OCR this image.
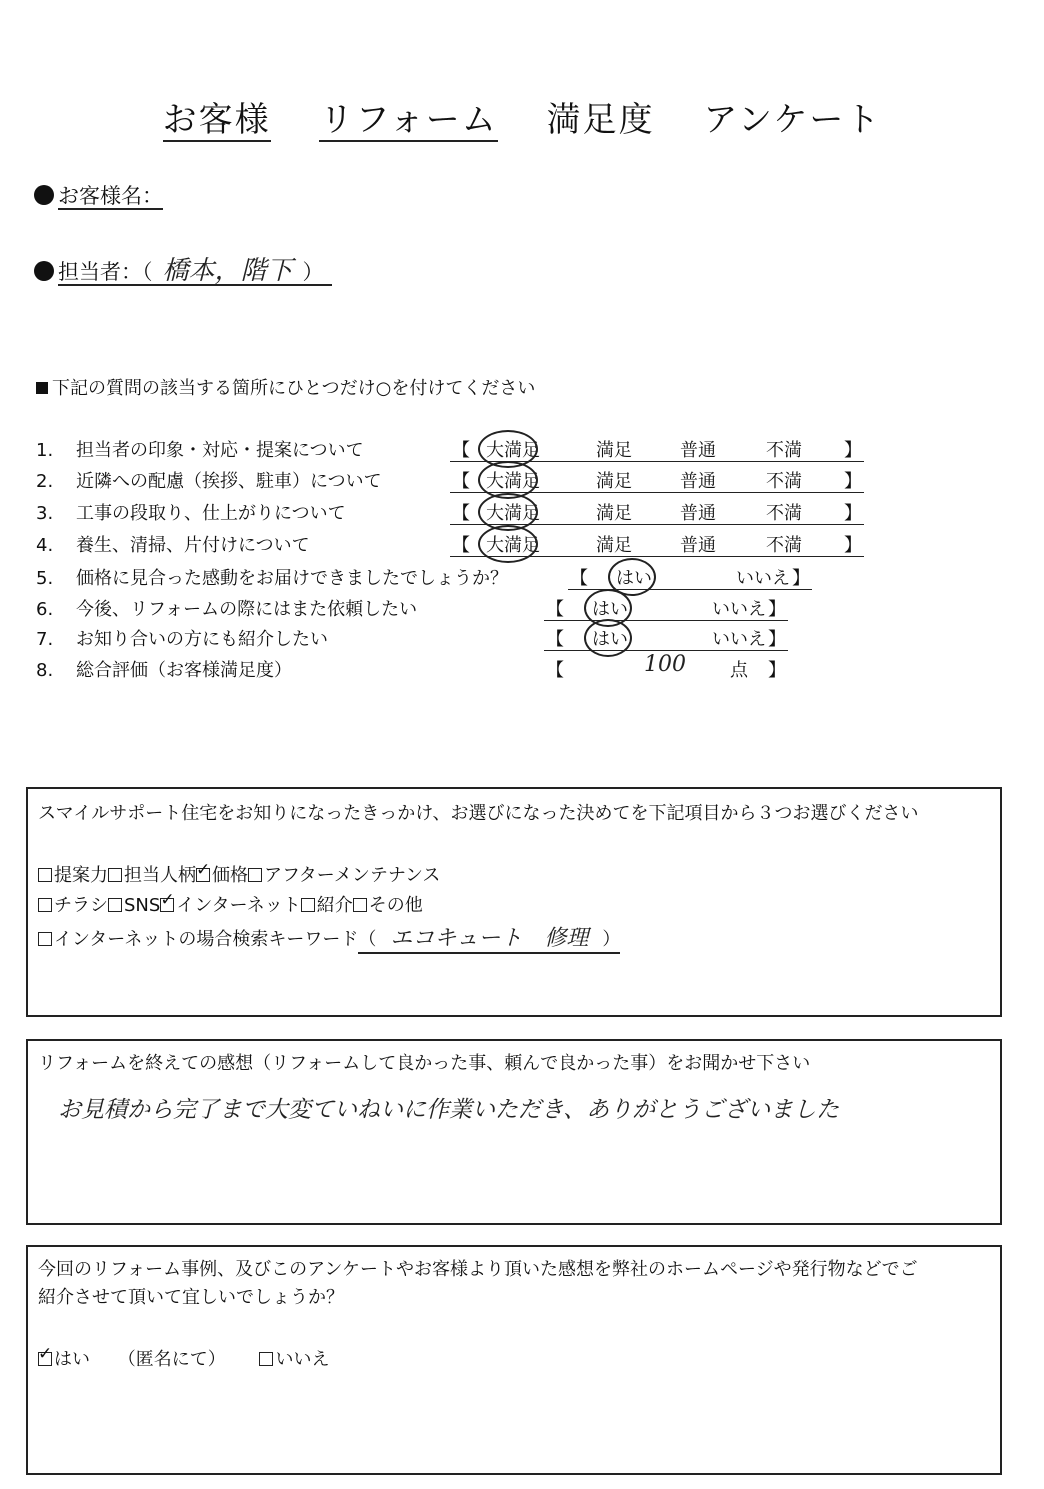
お客様 リフォーム 満足度 アンケート
お客様名：
担当者：（ 橋本，階下 ）
下記の質問の該当する箇所にひとつだけ○を付けてください
1. 担当者の印象・対応・提案について	【 大満足	満足	普通	不満 】
2. 近隣への配慮（挨拶、駐車）について	【 大満足	満足	普通	不満 】
3. 工事の段取り、仕上がりについて	【 大満足	満足	普通	不満 】
4. 養生、清掃、片付けについて	【 大満足	満足	普通	不満 】
5. 価格に見合った感動をお届けできましたでしょうか？	【 はい	いいえ 】
6. 今後、リフォームの際にはまた依頼したい	【 はい	いいえ 】
7. お知り合いの方にも紹介したい	【 はい	いいえ 】
8. 総合評価（お客様満足度）	【	100 点 】
スマイルサポート住宅をお知りになったきっかけ、お選びになった決めてを下記項目から３つお選びください
提案力 担当人柄 ✓ 価格 アフターメンテナンス
チラシ SNS ✓ インターネット 紹介 その他
インターネットの場合検索キーワード（ エコキュート　修理 ）
リフォームを終えての感想（リフォームして良かった事、頼んで良かった事）をお聞かせ下さい
お見積から完了まで大変ていねいに作業いただき、ありがとうございました
今回のリフォーム事例、及びこのアンケートやお客様より頂いた感想を弊社のホームページや発行物などでご
紹介させて頂いて宜しいでしょうか？
✓はい （匿名にて）	いいえ
